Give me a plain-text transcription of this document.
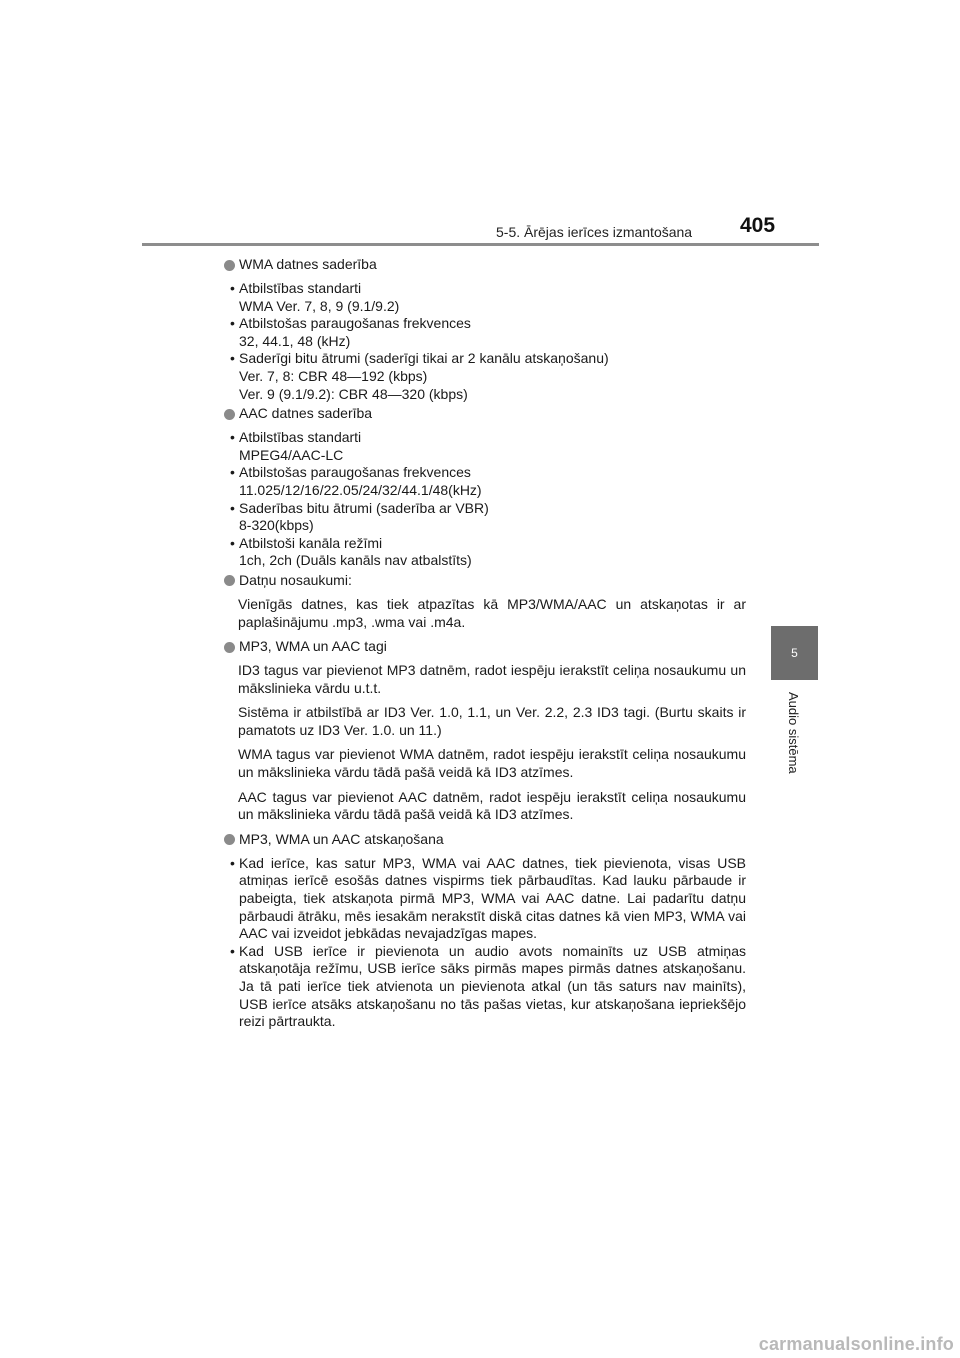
5-5. Ārējas ierīces izmantošana 405
5
Audio sistēma
WMA datnes saderība
• Atbilstības standarti
WMA Ver. 7, 8, 9 (9.1/9.2)
• Atbilstošas paraugošanas frekvences
32, 44.1, 48 (kHz)
• Saderīgi bitu ātrumi (saderīgi tikai ar 2 kanālu atskaņošanu)
Ver. 7, 8: CBR 48—192 (kbps)
Ver. 9 (9.1/9.2): CBR 48—320 (kbps)
AAC datnes saderība
• Atbilstības standarti
MPEG4/AAC-LC
• Atbilstošas paraugošanas frekvences
11.025/12/16/22.05/24/32/44.1/48(kHz)
• Saderības bitu ātrumi (saderība ar VBR)
8-320(kbps)
• Atbilstoši kanāla režīmi
1ch, 2ch (Duāls kanāls nav atbalstīts)
Datņu nosaukumi:
Vienīgās datnes, kas tiek atpazītas kā MP3/WMA/AAC un atskaņotas ir ar paplašinājumu .mp3, .wma vai .m4a.
MP3, WMA un AAC tagi
ID3 tagus var pievienot MP3 datnēm, radot iespēju ierakstīt celiņa nosaukumu un mākslinieka vārdu u.t.t.
Sistēma ir atbilstībā ar ID3 Ver. 1.0, 1.1, un Ver. 2.2, 2.3 ID3 tagi. (Burtu skaits ir pamatots uz ID3 Ver. 1.0. un 11.)
WMA tagus var pievienot WMA datnēm, radot iespēju ierakstīt celiņa nosaukumu un mākslinieka vārdu tādā pašā veidā kā ID3 atzīmes.
AAC tagus var pievienot AAC datnēm, radot iespēju ierakstīt celiņa nosaukumu un mākslinieka vārdu tādā pašā veidā kā ID3 atzīmes.
MP3, WMA un AAC atskaņošana
• Kad ierīce, kas satur MP3, WMA vai AAC datnes, tiek pievienota, visas USB atmiņas ierīcē esošās datnes vispirms tiek pārbaudītas. Kad lauku pārbaude ir pabeigta, tiek atskaņota pirmā MP3, WMA vai AAC datne. Lai padarītu datņu pārbaudi ātrāku, mēs iesakām nerakstīt diskā citas datnes kā vien MP3, WMA vai AAC vai izveidot jebkādas nevajadzīgas mapes.
• Kad USB ierīce ir pievienota un audio avots nomainīts uz USB atmiņas atskaņotāja režīmu, USB ierīce sāks pirmās mapes pirmās datnes atskaņošanu. Ja tā pati ierīce tiek atvienota un pievienota atkal (un tās saturs nav mainīts), USB ierīce atsāks atskaņošanu no tās pašas vietas, kur atskaņošana iepriekšējo reizi pārtraukta.
carmanualsonline.info
